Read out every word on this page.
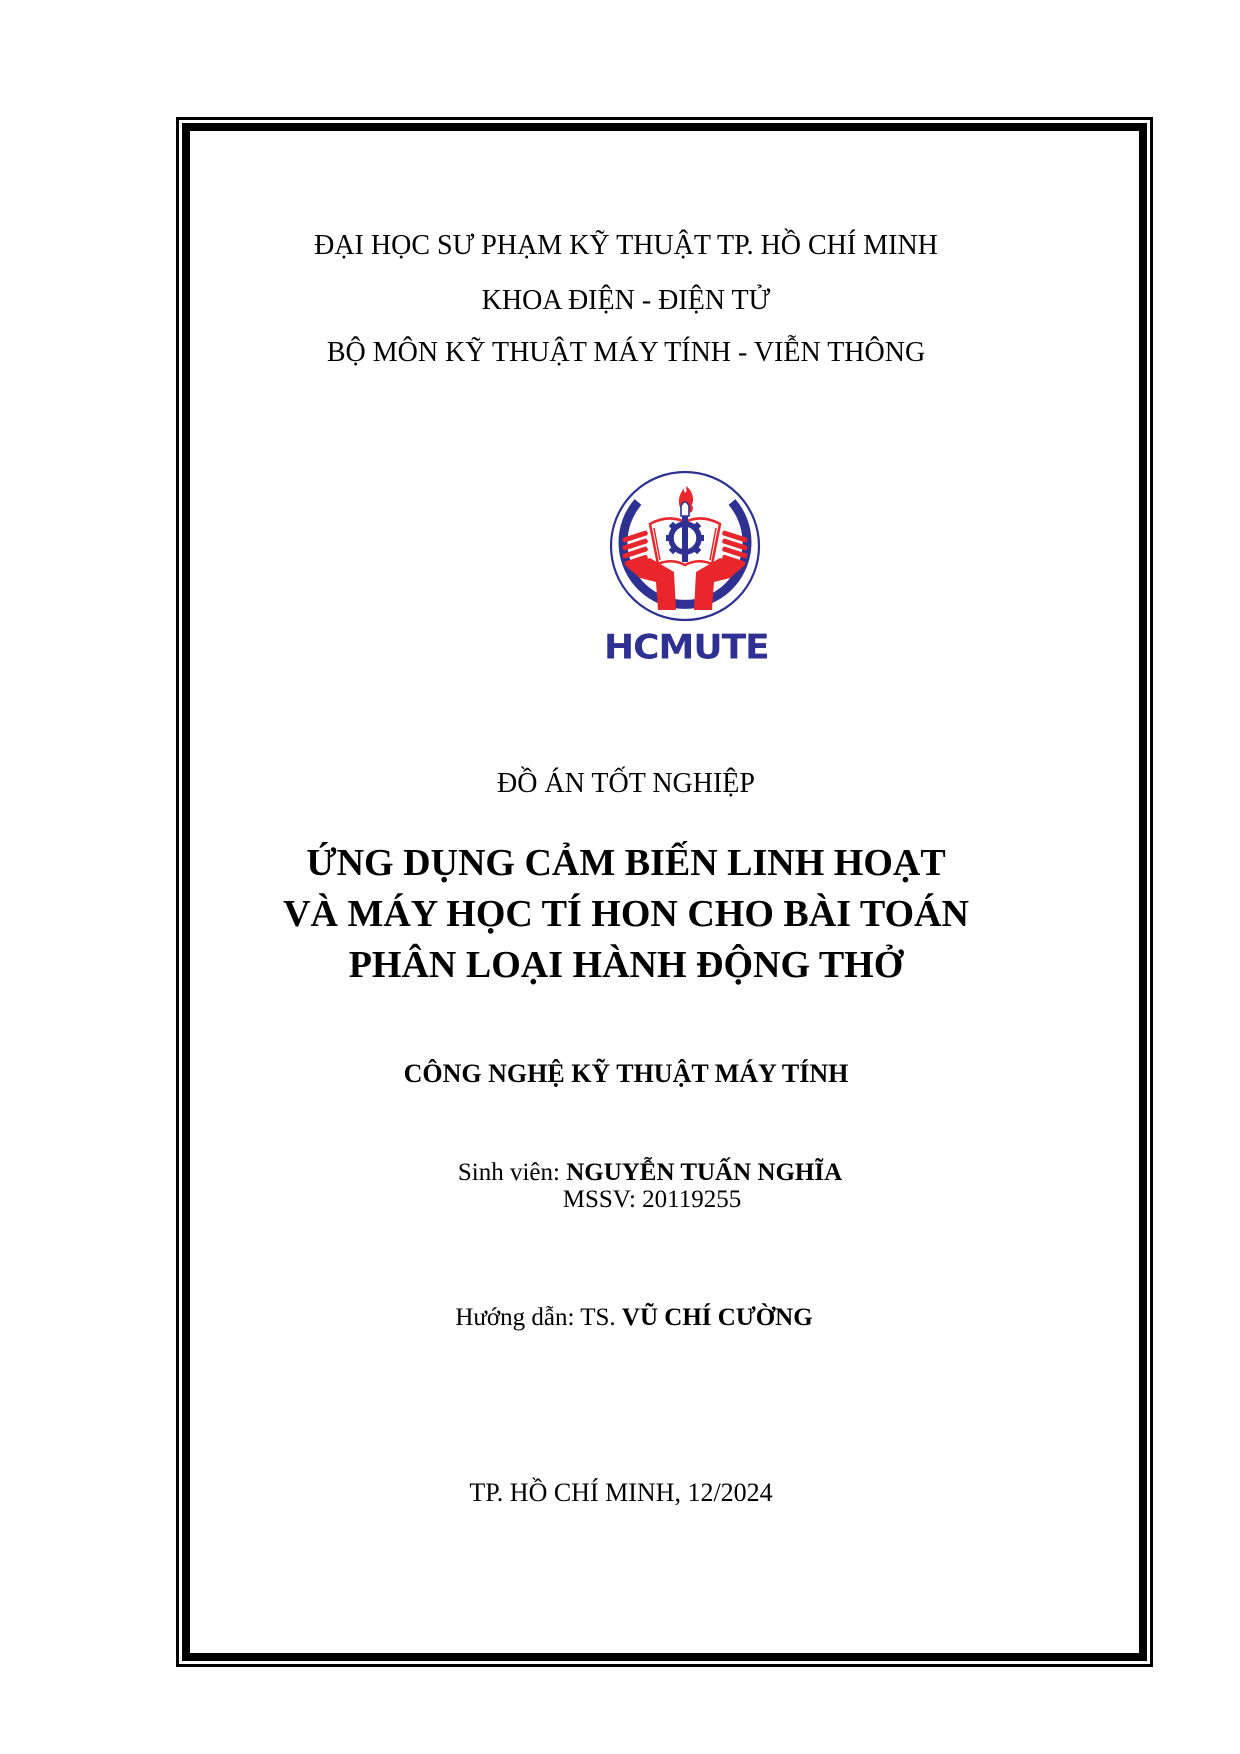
ĐẠI HỌC SƯ PHẠM KỸ THUẬT TP. HỒ CHÍ MINH
KHOA ĐIỆN - ĐIỆN TỬ
BỘ MÔN KỸ THUẬT MÁY TÍNH - VIỄN THÔNG
HCMUTE
ĐỒ ÁN TỐT NGHIỆP
ỨNG DỤNG CẢM BIẾN LINH HOẠT
VÀ MÁY HỌC TÍ HON CHO BÀI TOÁN
PHÂN LOẠI HÀNH ĐỘNG THỞ
CÔNG NGHỆ KỸ THUẬT MÁY TÍNH
Sinh viên: NGUYỄN TUẤN NGHĨA
MSSV: 20119255
Hướng dẫn: TS. VŨ CHÍ CƯỜNG
TP. HỒ CHÍ MINH, 12/2024
